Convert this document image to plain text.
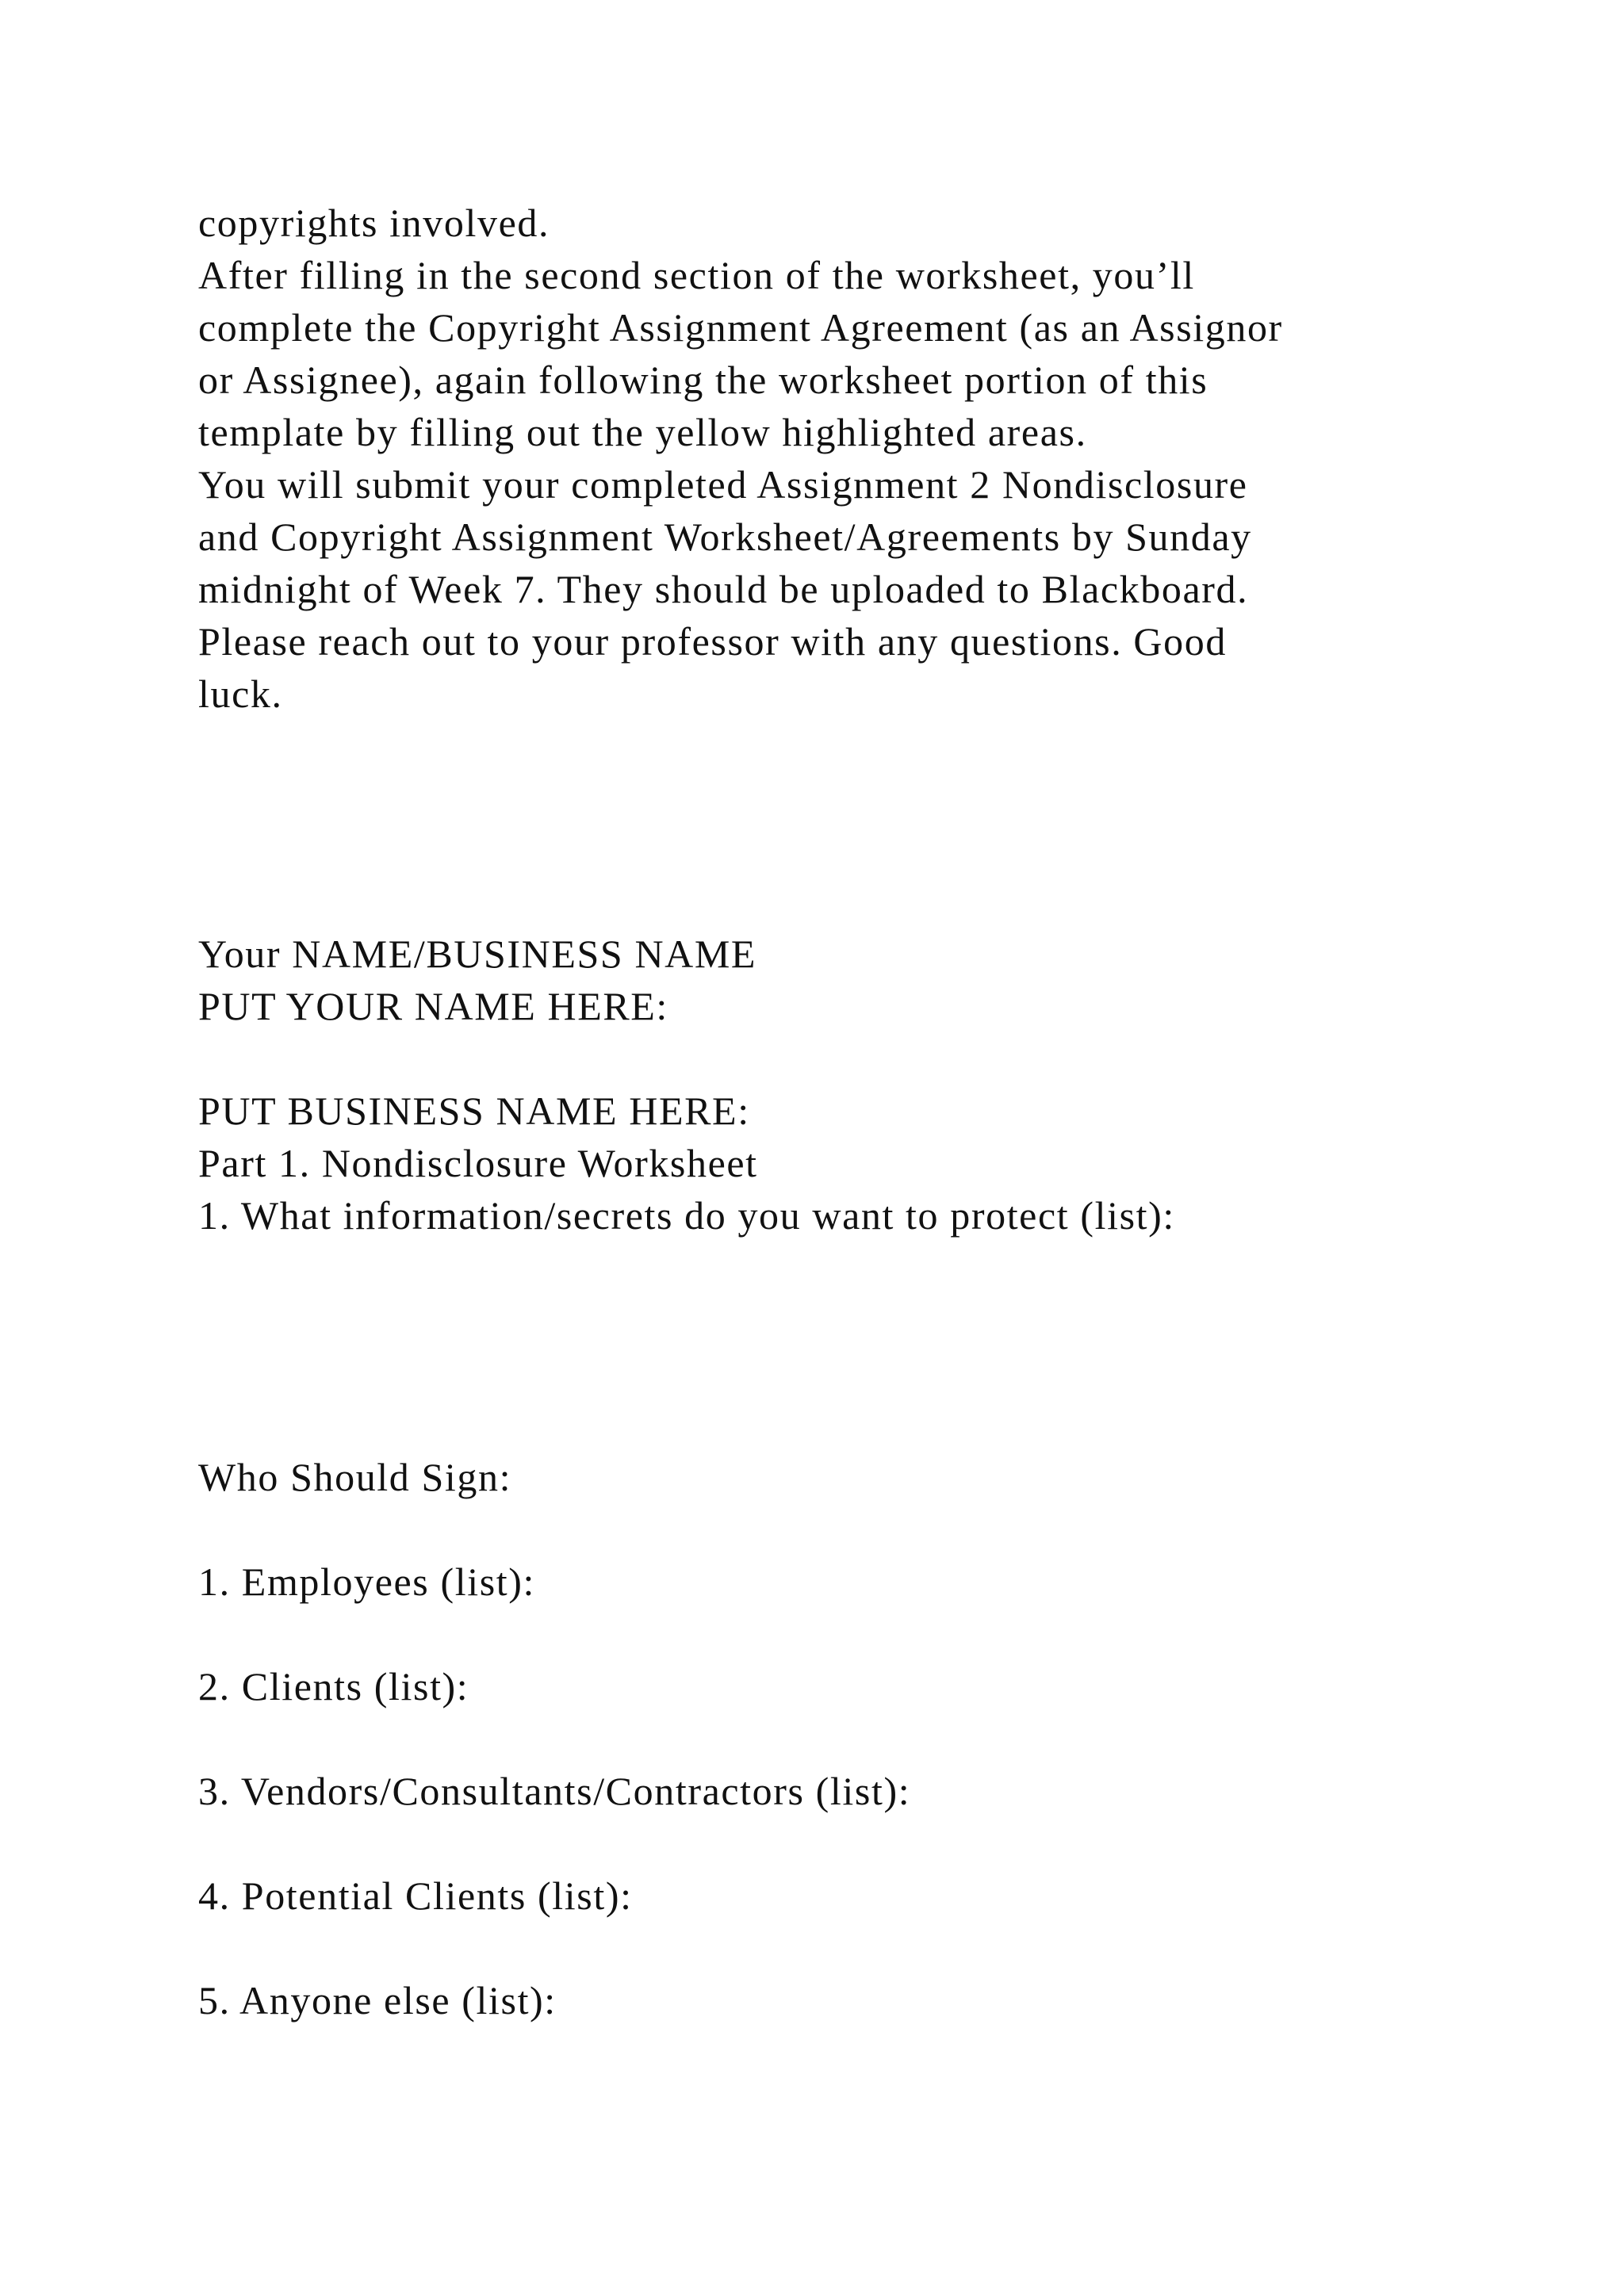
copyrights involved.

After filling in the second section of the worksheet, you’ll

complete the Copyright Assignment Agreement (as an Assignor

or Assignee), again following the worksheet portion of this

template by filling out the yellow highlighted areas.

You will submit your completed Assignment 2 Nondisclosure

and Copyright Assignment Worksheet/Agreements by Sunday

midnight of Week 7. They should be uploaded to Blackboard.

Please reach out to your professor with any questions. Good

luck.

Your NAME/BUSINESS NAME

PUT YOUR NAME HERE:

PUT BUSINESS NAME HERE:

Part 1. Nondisclosure Worksheet

1. What information/secrets do you want to protect (list):

Who Should Sign:

1. Employees (list):

2. Clients (list):

3. Vendors/Consultants/Contractors (list):

4. Potential Clients (list):

5. Anyone else (list):
